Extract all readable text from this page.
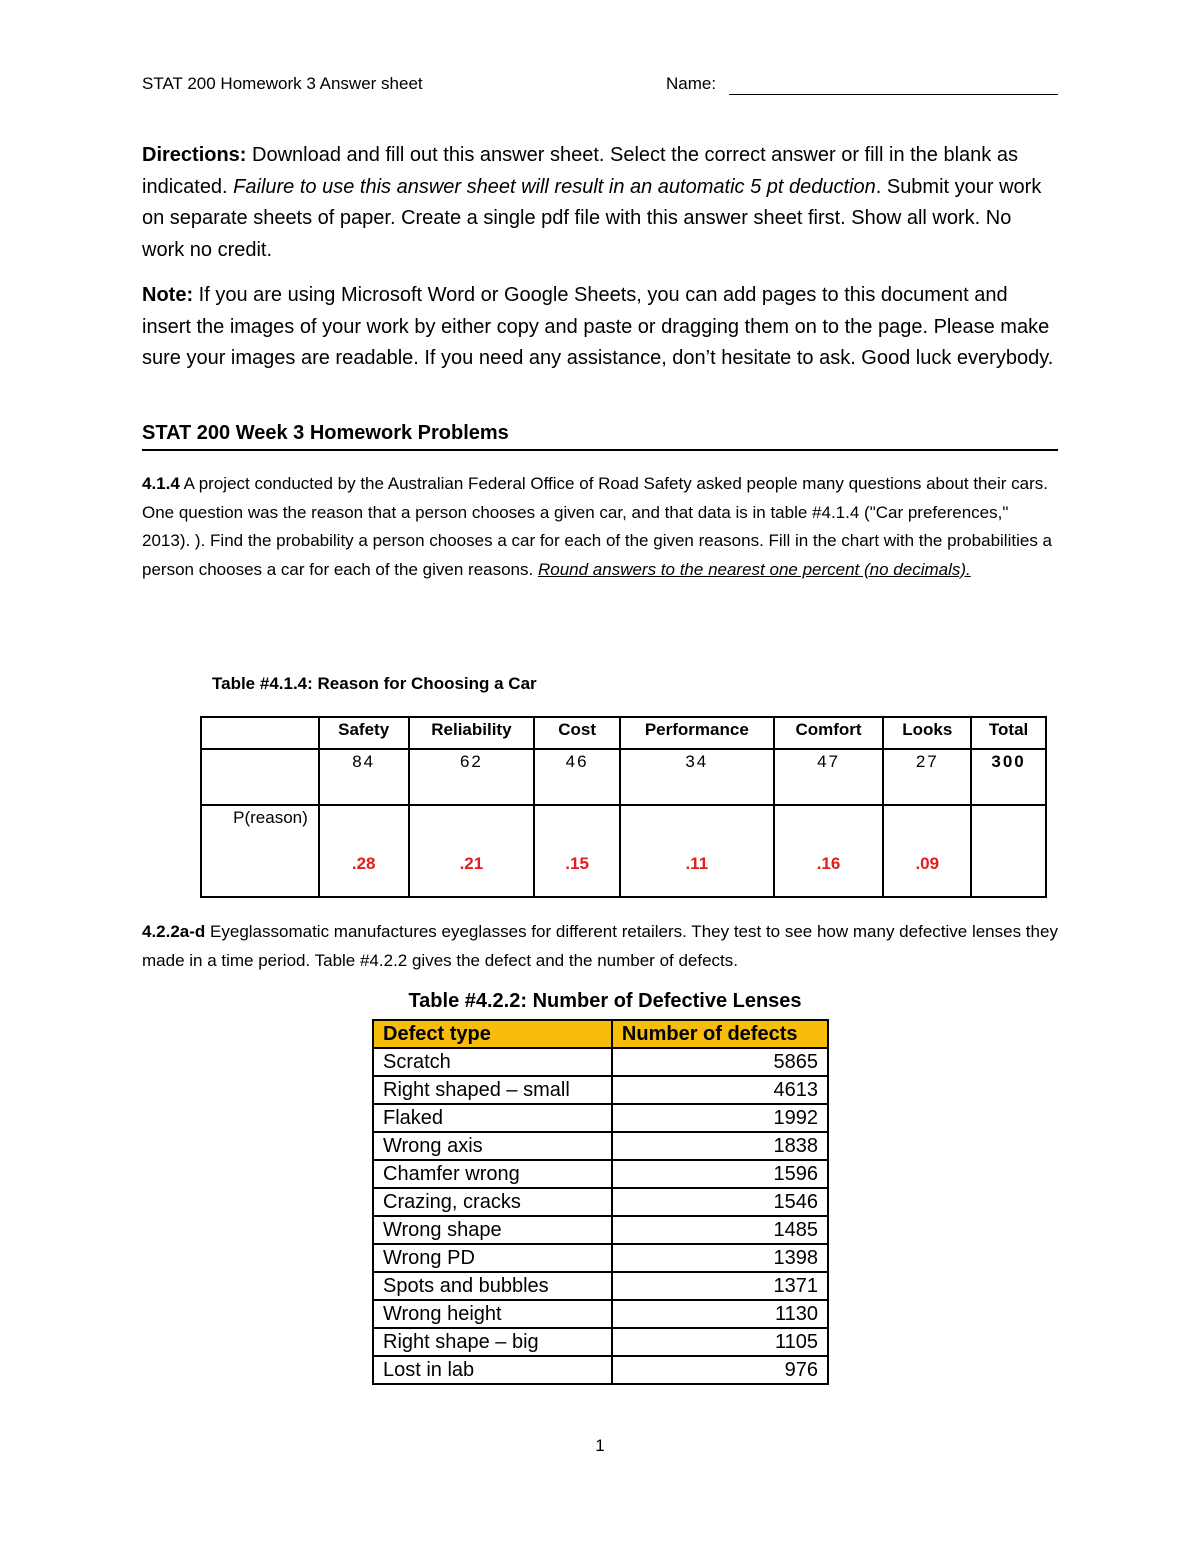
STAT 200 Homework 3 Answer sheet	Name:
Directions: Download and fill out this answer sheet. Select the correct answer or fill in the blank as indicated. Failure to use this answer sheet will result in an automatic 5 pt deduction. Submit your work on separate sheets of paper. Create a single pdf file with this answer sheet first. Show all work. No work no credit.
Note: If you are using Microsoft Word or Google Sheets, you can add pages to this document and insert the images of your work by either copy and paste or dragging them on to the page. Please make sure your images are readable. If you need any assistance, don’t hesitate to ask. Good luck everybody.
STAT 200 Week 3 Homework Problems
4.1.4 A project conducted by the Australian Federal Office of Road Safety asked people many questions about their cars. One question was the reason that a person chooses a given car, and that data is in table #4.1.4 ("Car preferences," 2013). ). Find the probability a person chooses a car for each of the given reasons. Fill in the chart with the probabilities a person chooses a car for each of the given reasons. Round answers to the nearest one percent (no decimals).
Table #4.1.4: Reason for Choosing a Car
	Safety	Reliability	Cost	Performance	Comfort	Looks	Total
	84	62	46	34	47	27	300
P(reason)	.28	.21	.15	.11	.16	.09	
4.2.2a-d Eyeglassomatic manufactures eyeglasses for different retailers. They test to see how many defective lenses they made in a time period. Table #4.2.2 gives the defect and the number of defects.
Table #4.2.2: Number of Defective Lenses
Defect type	Number of defects
Scratch	5865
Right shaped – small	4613
Flaked	1992
Wrong axis	1838
Chamfer wrong	1596
Crazing, cracks	1546
Wrong shape	1485
Wrong PD	1398
Spots and bubbles	1371
Wrong height	1130
Right shape – big	1105
Lost in lab	976
1
